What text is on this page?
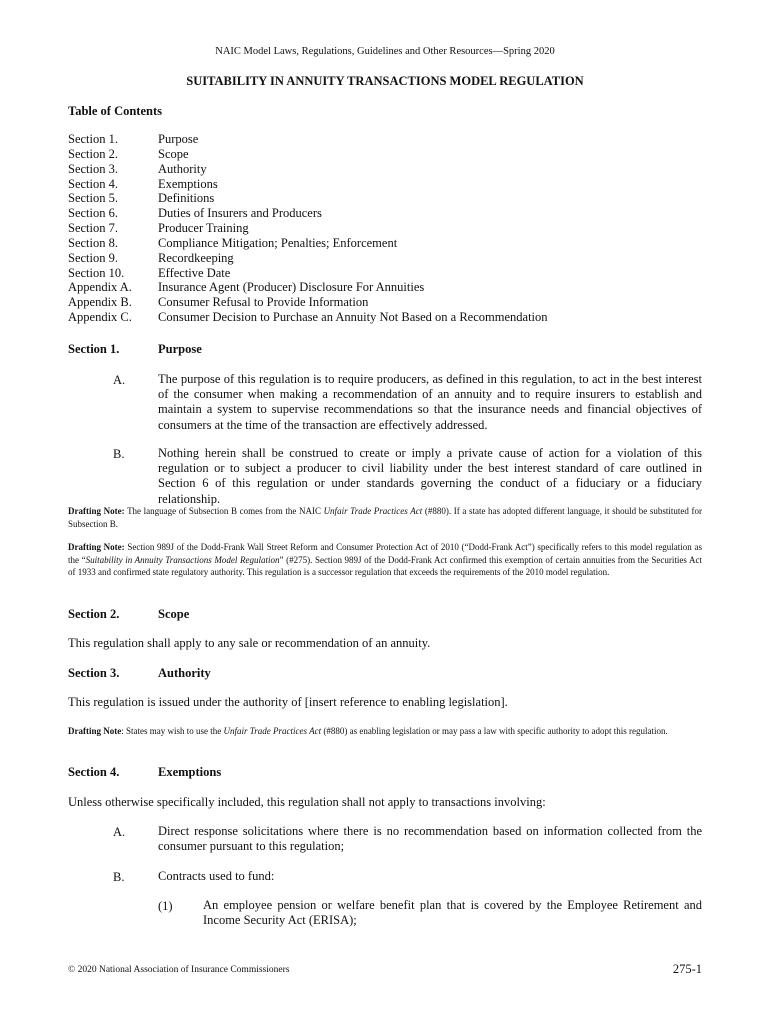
NAIC Model Laws, Regulations, Guidelines and Other Resources—Spring 2020
SUITABILITY IN ANNUITY TRANSACTIONS MODEL REGULATION
Table of Contents
Section 1.	Purpose
Section 2.	Scope
Section 3.	Authority
Section 4.	Exemptions
Section 5.	Definitions
Section 6.	Duties of Insurers and Producers
Section 7.	Producer Training
Section 8.	Compliance Mitigation; Penalties; Enforcement
Section 9.	Recordkeeping
Section 10.	Effective Date
Appendix A.	Insurance Agent (Producer) Disclosure For Annuities
Appendix B.	Consumer Refusal to Provide Information
Appendix C.	Consumer Decision to Purchase an Annuity Not Based on a Recommendation
Section 1.	Purpose
A.	The purpose of this regulation is to require producers, as defined in this regulation, to act in the best interest of the consumer when making a recommendation of an annuity and to require insurers to establish and maintain a system to supervise recommendations so that the insurance needs and financial objectives of consumers at the time of the transaction are effectively addressed.
B.	Nothing herein shall be construed to create or imply a private cause of action for a violation of this regulation or to subject a producer to civil liability under the best interest standard of care outlined in Section 6 of this regulation or under standards governing the conduct of a fiduciary or a fiduciary relationship.
Drafting Note: The language of Subsection B comes from the NAIC Unfair Trade Practices Act (#880). If a state has adopted different language, it should be substituted for Subsection B.
Drafting Note: Section 989J of the Dodd-Frank Wall Street Reform and Consumer Protection Act of 2010 (“Dodd-Frank Act”) specifically refers to this model regulation as the “Suitability in Annuity Transactions Model Regulation” (#275). Section 989J of the Dodd-Frank Act confirmed this exemption of certain annuities from the Securities Act of 1933 and confirmed state regulatory authority. This regulation is a successor regulation that exceeds the requirements of the 2010 model regulation.
Section 2.	Scope
This regulation shall apply to any sale or recommendation of an annuity.
Section 3.	Authority
This regulation is issued under the authority of [insert reference to enabling legislation].
Drafting Note: States may wish to use the Unfair Trade Practices Act (#880) as enabling legislation or may pass a law with specific authority to adopt this regulation.
Section 4.	Exemptions
Unless otherwise specifically included, this regulation shall not apply to transactions involving:
A.	Direct response solicitations where there is no recommendation based on information collected from the consumer pursuant to this regulation;
B.	Contracts used to fund:
(1) An employee pension or welfare benefit plan that is covered by the Employee Retirement and Income Security Act (ERISA);
© 2020 National Association of Insurance Commissioners	275-1
